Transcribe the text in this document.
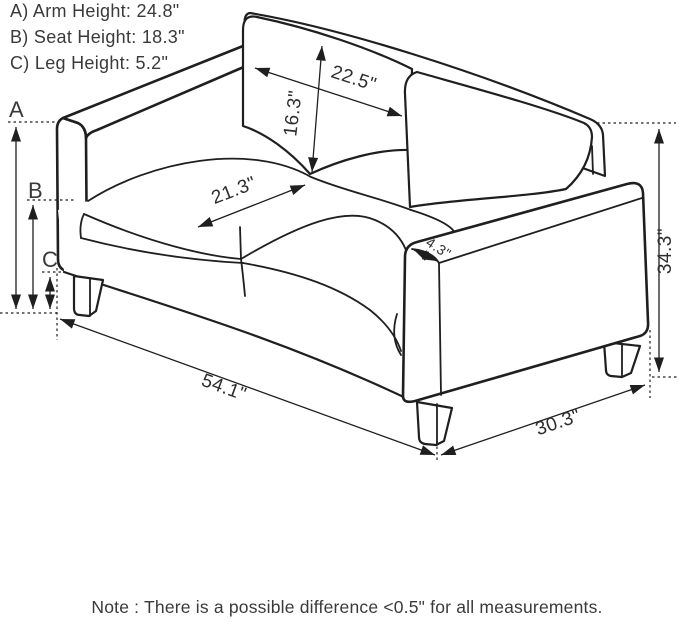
22.5"
16.3"
21.3"
4.3"	34.3"
54.1"
30.3"
A
B
C
A) Arm Height: 24.8"
B) Seat Height: 18.3"
C) Leg Height: 5.2"
Note : There is a possible difference <0.5" for all measurements.
